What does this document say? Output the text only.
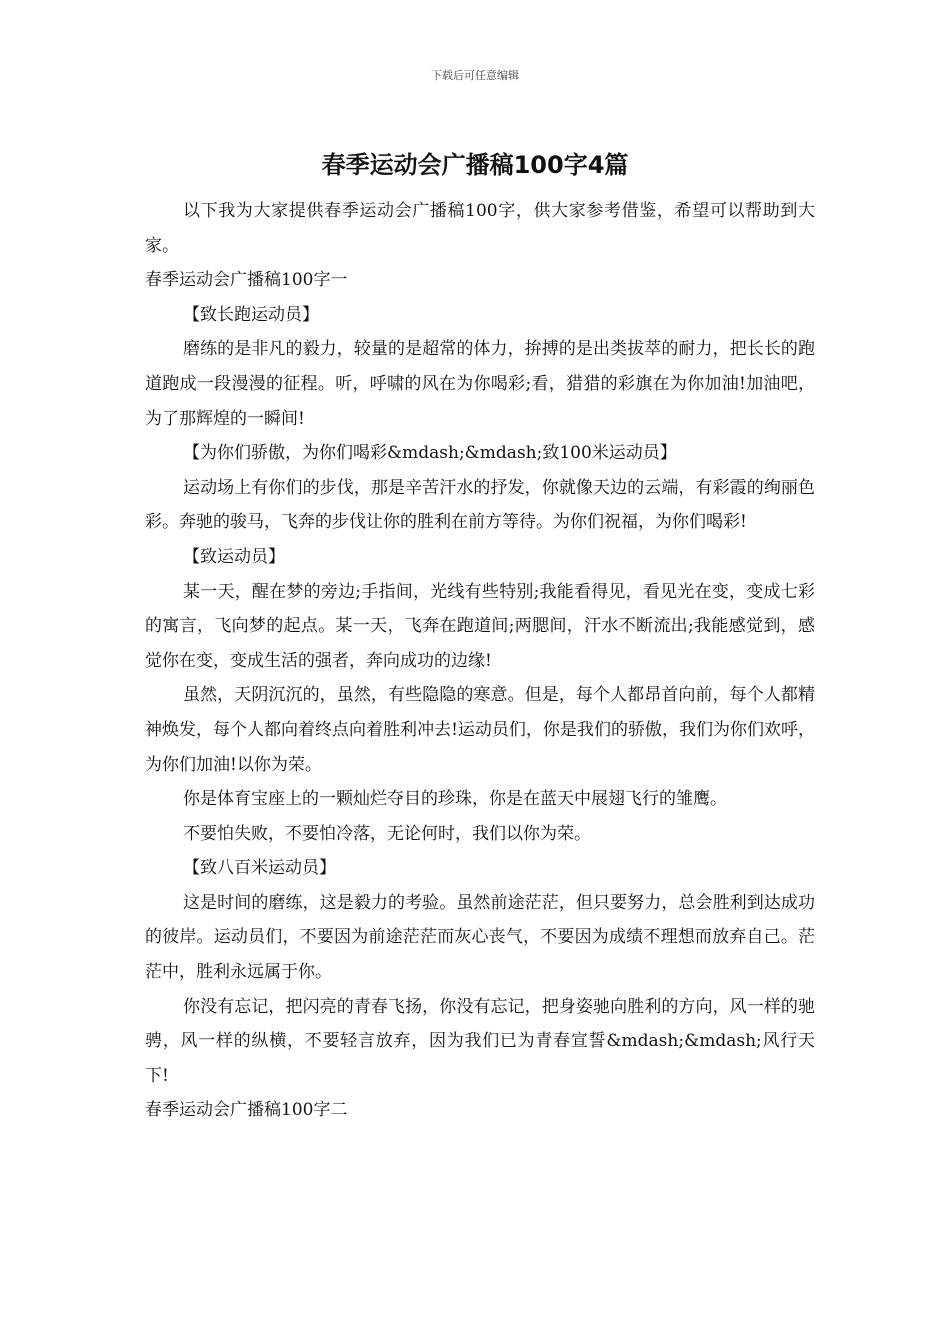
下载后可任意编辑
春季运动会广播稿100字4篇

以下我为大家提供春季运动会广播稿100字，供大家参考借鉴，希望可以帮助到大家。

春季运动会广播稿100字一

【致长跑运动员】

磨练的是非凡的毅力，较量的是超常的体力，拚搏的是出类拔萃的耐力，把长长的跑道跑成一段漫漫的征程。听，呼啸的风在为你喝彩;看，猎猎的彩旗在为你加油!加油吧，为了那辉煌的一瞬间!

【为你们骄傲，为你们喝彩&mdash;&mdash;致100米运动员】

运动场上有你们的步伐，那是辛苦汗水的抒发，你就像天边的云端，有彩霞的绚丽色彩。奔驰的骏马，飞奔的步伐让你的胜利在前方等待。为你们祝福，为你们喝彩!

【致运动员】

某一天，醒在梦的旁边;手指间，光线有些特别;我能看得见，看见光在变，变成七彩的寓言，飞向梦的起点。某一天，飞奔在跑道间;两腮间，汗水不断流出;我能感觉到，感觉你在变，变成生活的强者，奔向成功的边缘!

虽然，天阴沉沉的，虽然，有些隐隐的寒意。但是，每个人都昂首向前，每个人都精神焕发，每个人都向着终点向着胜利冲去!运动员们，你是我们的骄傲，我们为你们欢呼，为你们加油!以你为荣。

你是体育宝座上的一颗灿烂夺目的珍珠，你是在蓝天中展翅飞行的雏鹰。

不要怕失败，不要怕冷落，无论何时，我们以你为荣。

【致八百米运动员】

这是时间的磨练，这是毅力的考验。虽然前途茫茫，但只要努力，总会胜利到达成功的彼岸。运动员们，不要因为前途茫茫而灰心丧气，不要因为成绩不理想而放弃自己。茫茫中，胜利永远属于你。

你没有忘记，把闪亮的青春飞扬，你没有忘记，把身姿驰向胜利的方向，风一样的驰骋，风一样的纵横，不要轻言放弃，因为我们已为青春宣誓&mdash;&mdash;风行天下!

春季运动会广播稿100字二
